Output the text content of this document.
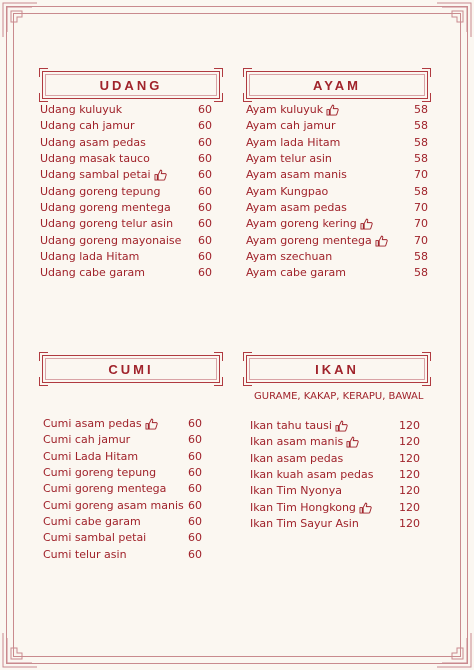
UDANG
Udang kuluyuk	60
Udang cah jamur	60
Udang asam pedas	60
Udang masak tauco	60
Udang sambal petai	60
Udang goreng tepung	60
Udang goreng mentega 60
Udang goreng telur asin 60
Udang goreng mayonaise 60
Udang lada Hitam	60
Udang cabe garam	60
AYAM
Ayam kuluyuk	58
Ayam cah jamur	58
Ayam lada Hitam	58
Ayam telur asin	58
Ayam asam manis	70
Ayam Kungpao	58
Ayam asam pedas	70
Ayam goreng kering	70
Ayam goreng mentega	70
Ayam szechuan	58
Ayam cabe garam	58
CUMI
Cumi asam pedas	60
Cumi cah jamur	60
Cumi Lada Hitam	60
Cumi goreng tepung	60
Cumi goreng mentega 60
Cumi goreng asam manis 60
Cumi cabe garam	60
Cumi sambal petai	60
Cumi telur asin	60
IKAN
GURAME, KAKAP, KERAPU, BAWAL
Ikan tahu tausi	120
Ikan asam manis	120
Ikan asam pedas	120
Ikan kuah asam pedas 120
Ikan Tim Nyonya	120
Ikan Tim Hongkong	120
Ikan Tim Sayur Asin	120
